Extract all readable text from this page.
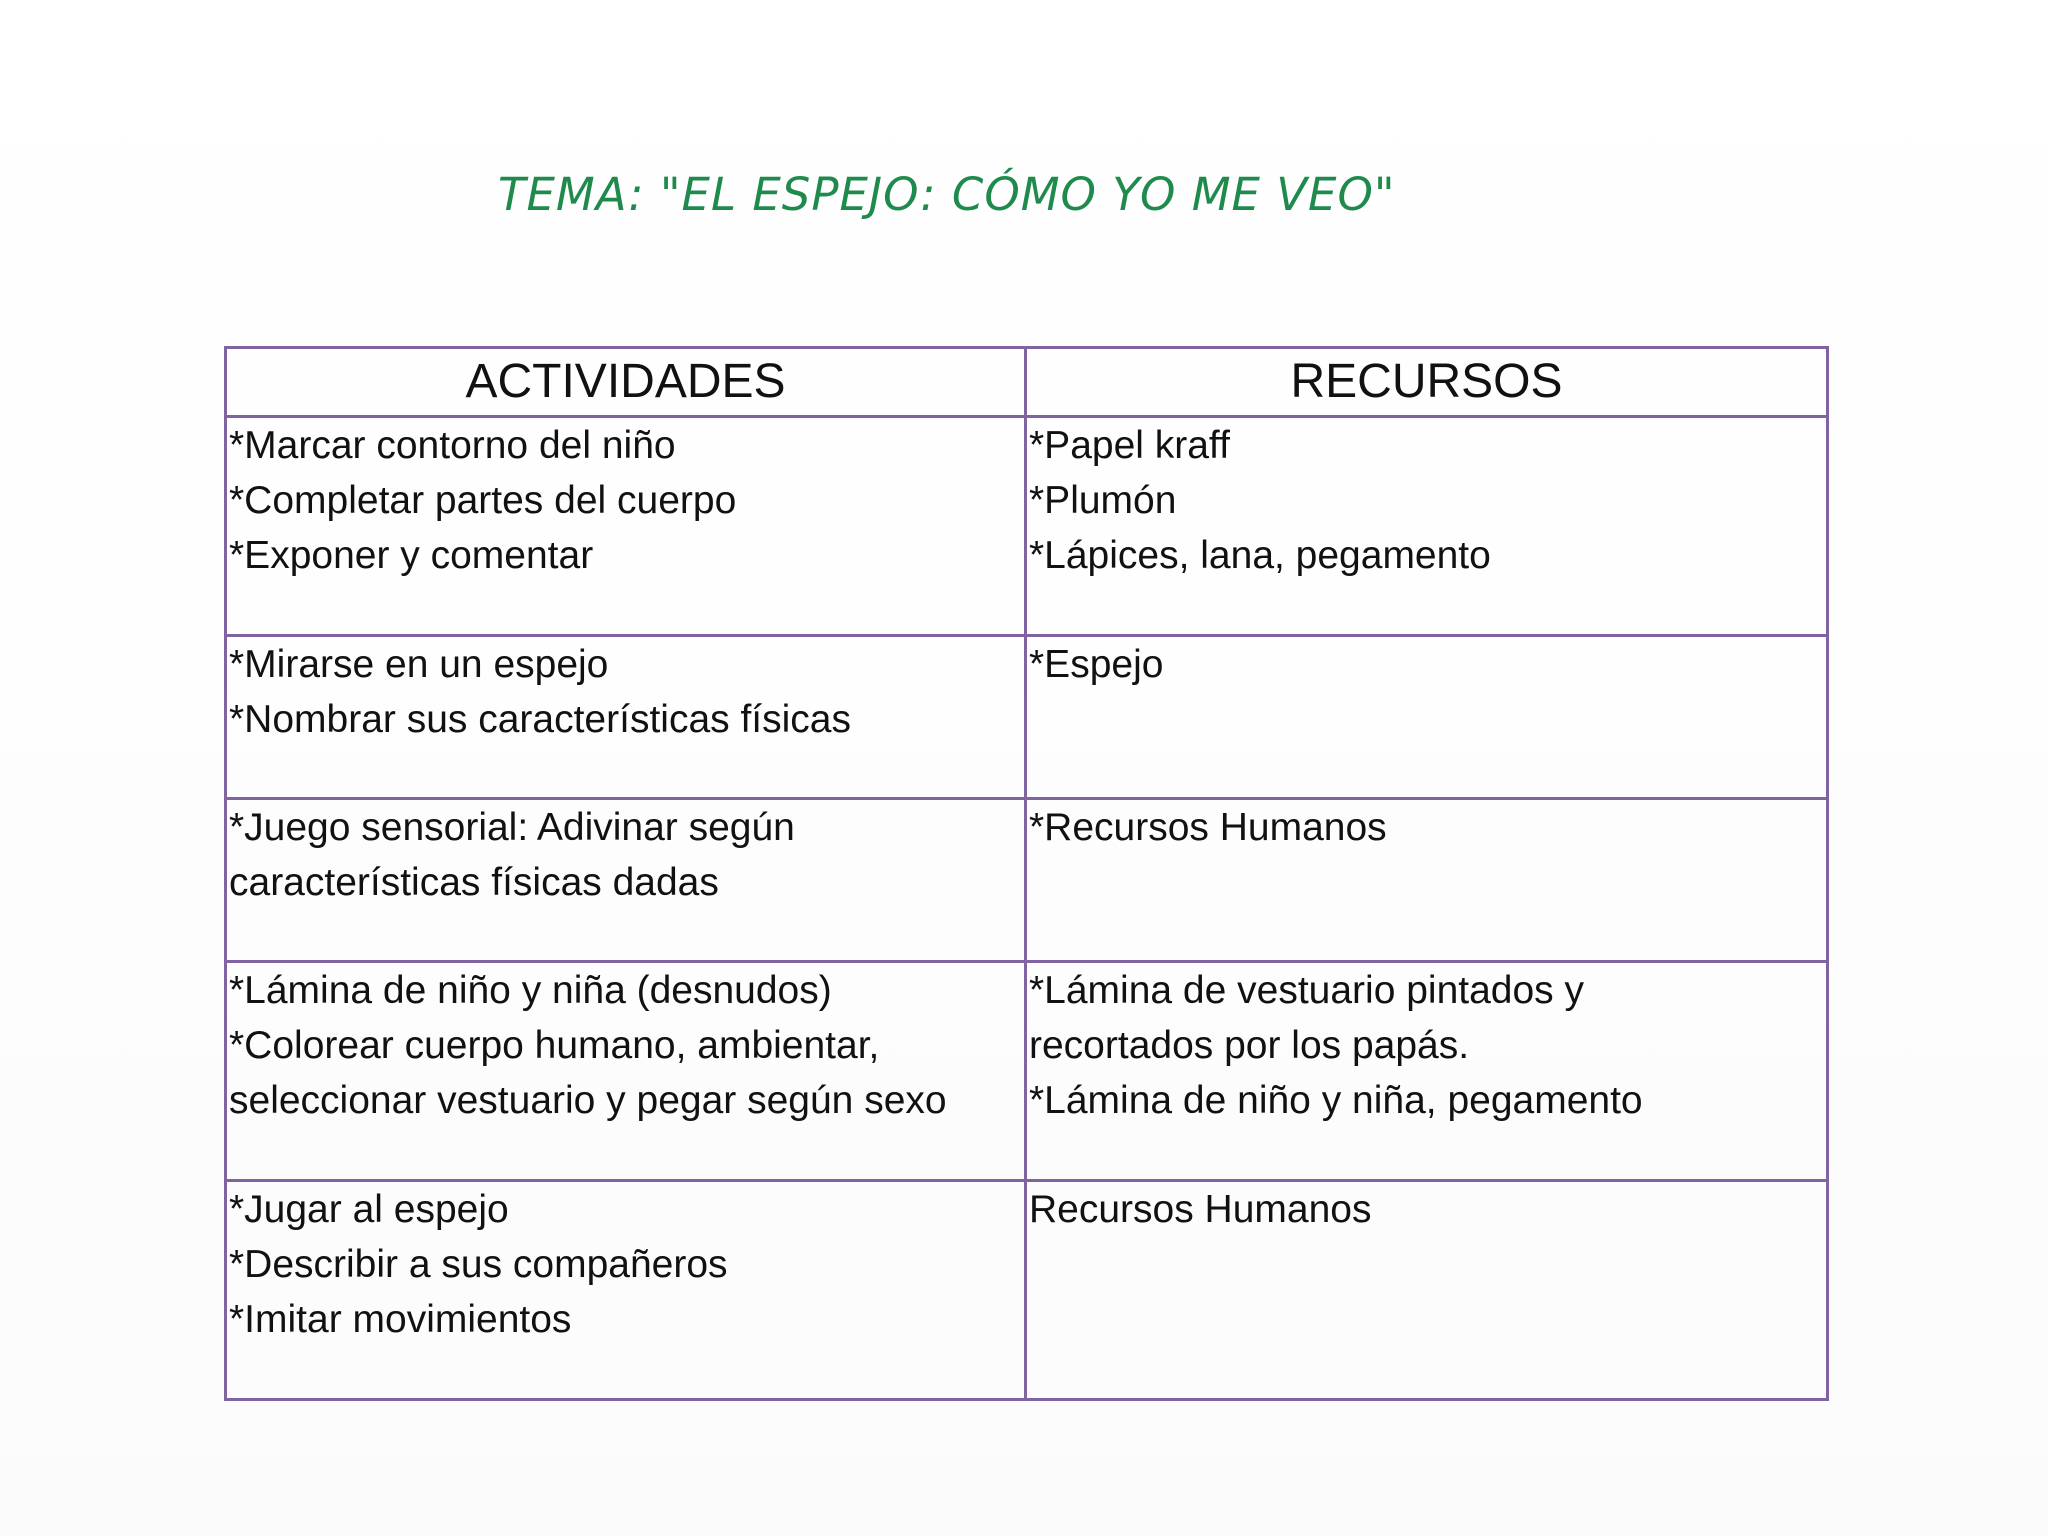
TEMA: "EL ESPEJO: CÓMO YO ME VEO"
ACTIVIDADES	RECURSOS

*Marcar contorno del niño
*Completar partes del cuerpo
*Exponer y comentar	*Papel kraff
*Plumón
*Lápices, lana, pegamento

*Mirarse en un espejo
*Nombrar sus características físicas	*Espejo

*Juego sensorial: Adivinar según
características físicas dadas	*Recursos Humanos

*Lámina de niño y niña (desnudos)
*Colorear cuerpo humano, ambientar,
seleccionar vestuario y pegar según sexo	*Lámina de vestuario pintados y
recortados por los papás.
*Lámina de niño y niña, pegamento

*Jugar al espejo
*Describir a sus compañeros
*Imitar movimientos	Recursos Humanos
